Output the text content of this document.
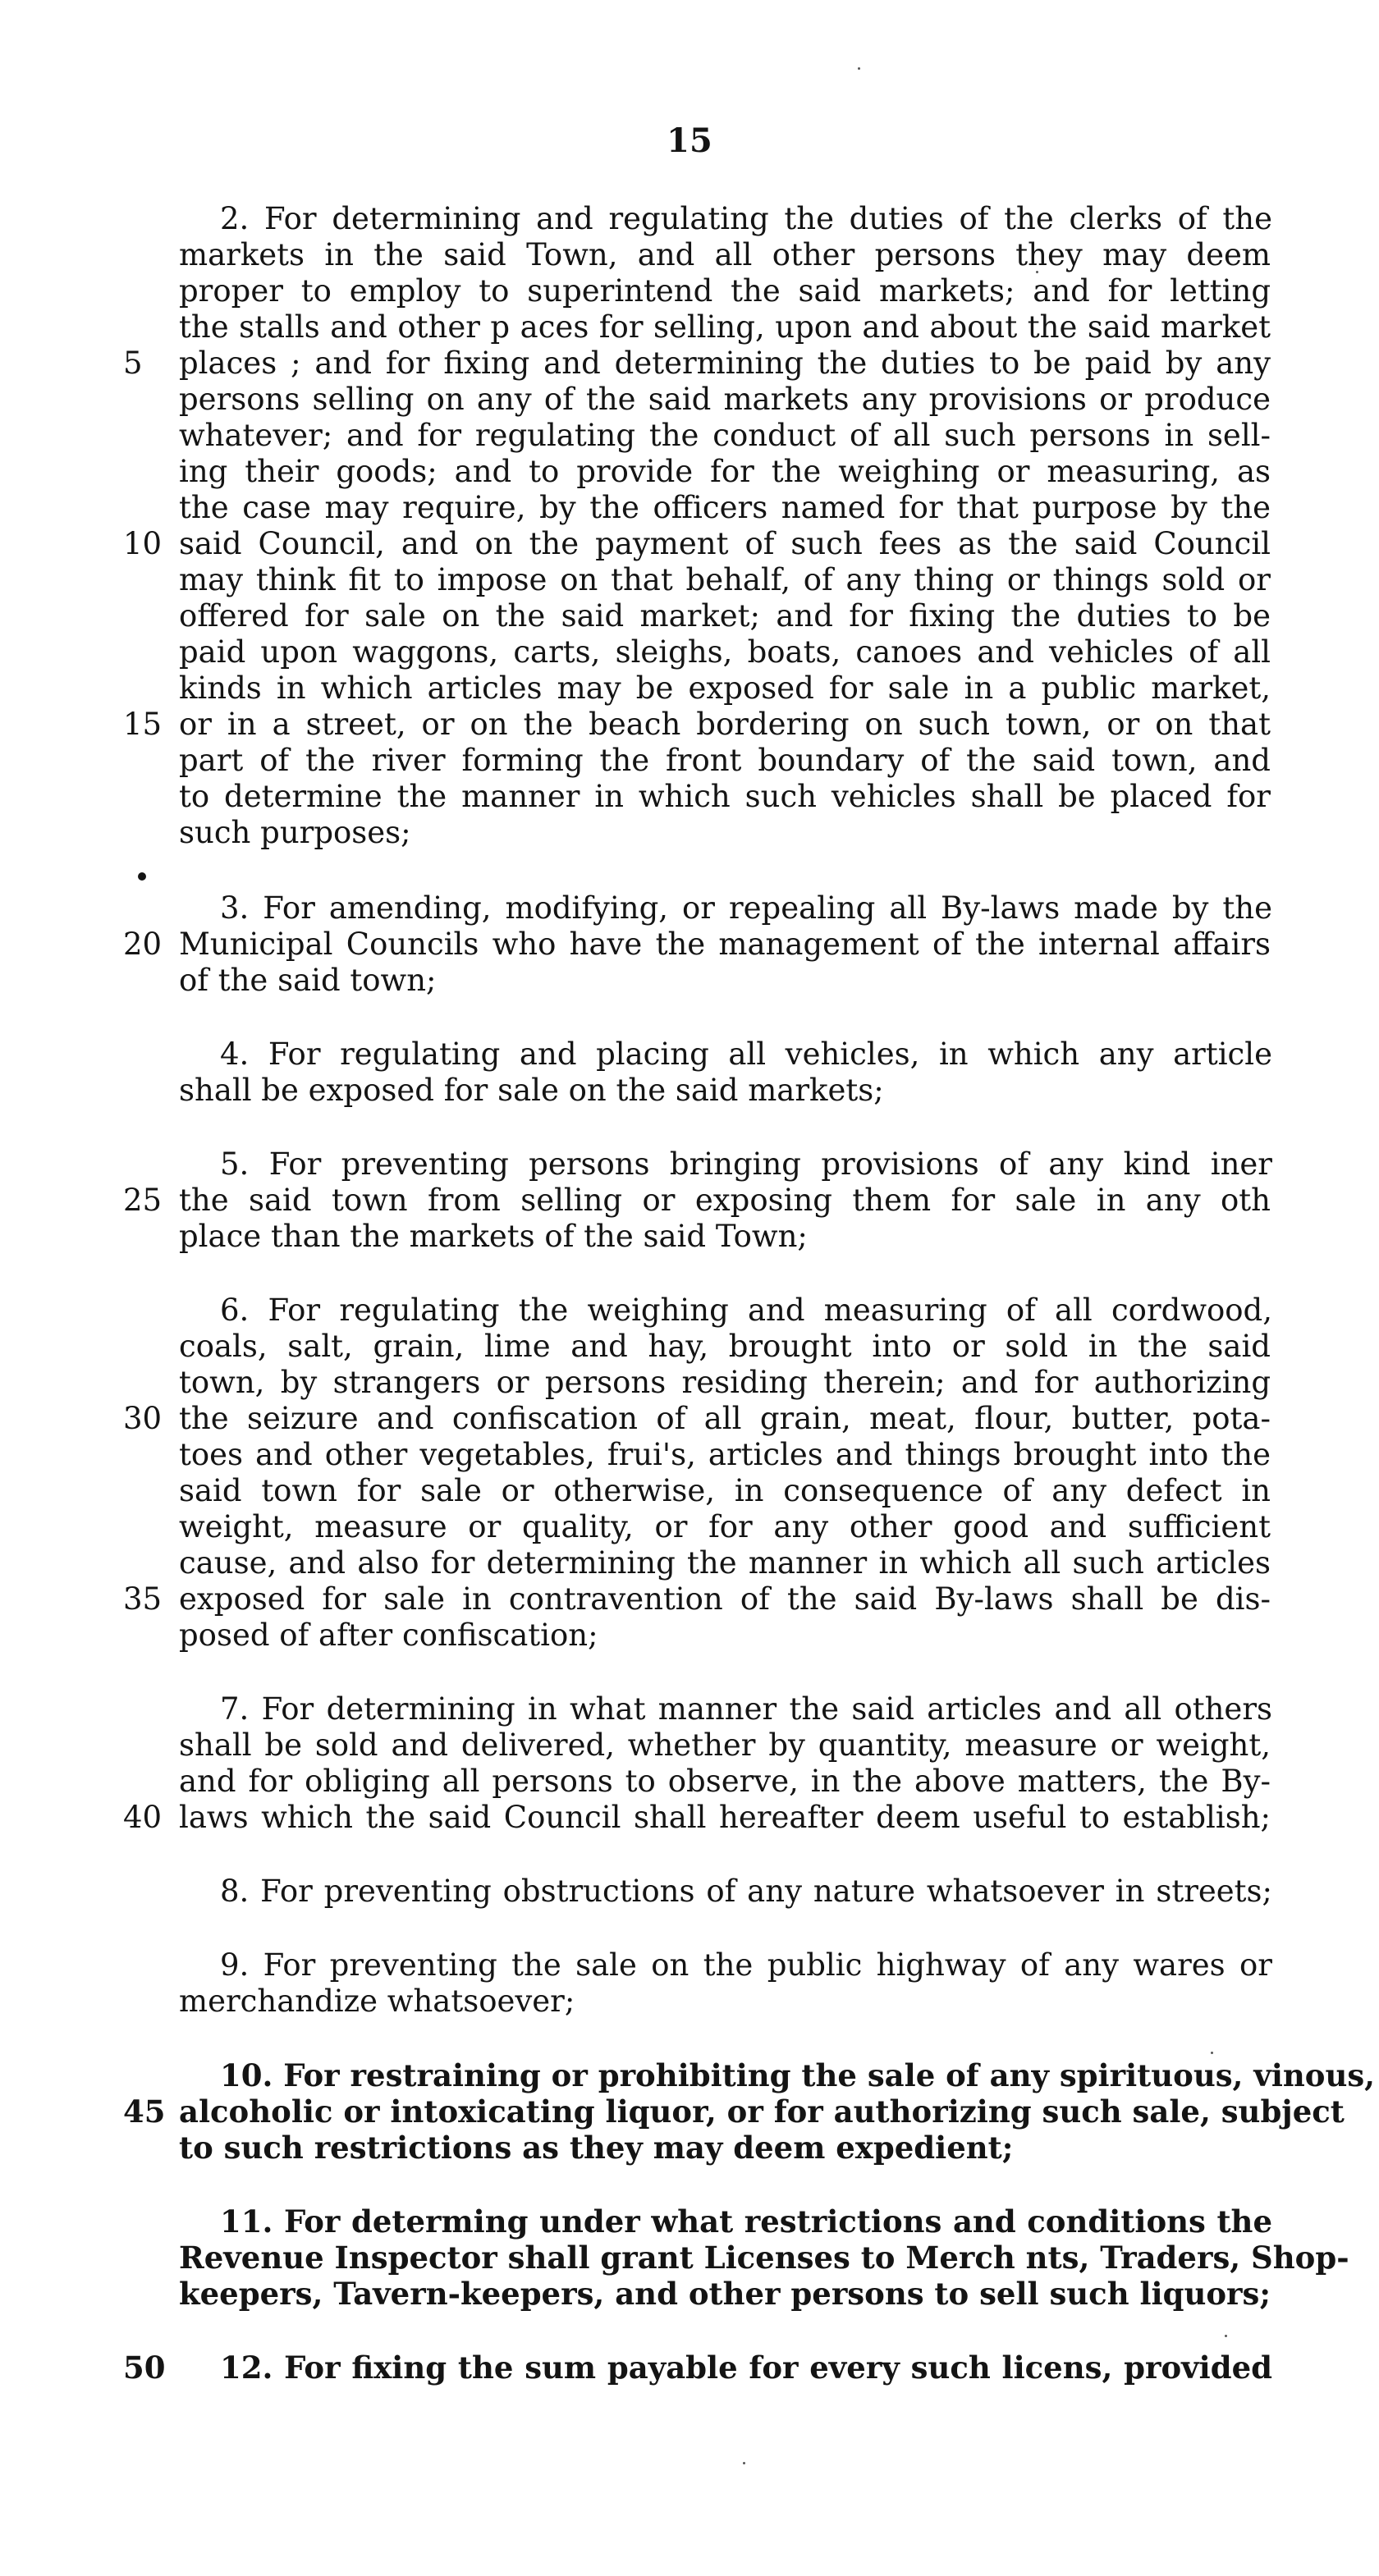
15
2. For determining and regulating the duties of the clerks of the
markets in the said Town, and all other persons they may deem
proper to employ to superintend the said markets; and for letting
the stalls and other p aces for selling, upon and about the said market
5	places ; and for fixing and determining the duties to be paid by any
persons selling on any of the said markets any provisions or produce
whatever; and for regulating the conduct of all such persons in sell-
ing their goods; and to provide for the weighing or measuring, as
the case may require, by the officers named for that purpose by the
10 said Council, and on the payment of such fees as the said Council
may think fit to impose on that behalf, of any thing or things sold or
offered for sale on the said market; and for fixing the duties to be
paid upon waggons, carts, sleighs, boats, canoes and vehicles of all
kinds in which articles may be exposed for sale in a public market,
15 or in a street, or on the beach bordering on such town, or on that
part of the river forming the front boundary of the said town, and
to determine the manner in which such vehicles shall be placed for
such purposes;
3. For amending, modifying, or repealing all By-laws made by the
20 Municipal Councils who have the management of the internal affairs
of the said town;
4. For regulating and placing all vehicles, in which any article
shall be exposed for sale on the said markets;
5. For preventing persons bringing provisions of any kind iner
25 the said town from selling or exposing them for sale in any oth
place than the markets of the said Town;
6. For regulating the weighing and measuring of all cordwood,
coals, salt, grain, lime and hay, brought into or sold in the said
town, by strangers or persons residing therein; and for authorizing
30 the seizure and confiscation of all grain, meat, flour, butter, pota-
toes and other vegetables, frui's, articles and things brought into the
said town for sale or otherwise, in consequence of any defect in
weight, measure or quality, or for any other good and sufficient
cause, and also for determining the manner in which all such articles
35 exposed for sale in contravention of the said By-laws shall be dis-
posed of after confiscation;
7. For determining in what manner the said articles and all others
shall be sold and delivered, whether by quantity, measure or weight,
and for obliging all persons to observe, in the above matters, the By-
40 laws which the said Council shall hereafter deem useful to establish;
8. For preventing obstructions of any nature whatsoever in streets;
9. For preventing the sale on the public highway of any wares or
merchandize whatsoever;
10. For restraining or prohibiting the sale of any spirituous, vinous,
45 alcoholic or intoxicating liquor, or for authorizing such sale, subject
to such restrictions as they may deem expedient;
11. For determing under what restrictions and conditions the
Revenue Inspector shall grant Licenses to Merch nts, Traders, Shop-
keepers, Tavern-keepers, and other persons to sell such liquors;
50	12. For fixing the sum payable for every such licens, provided
